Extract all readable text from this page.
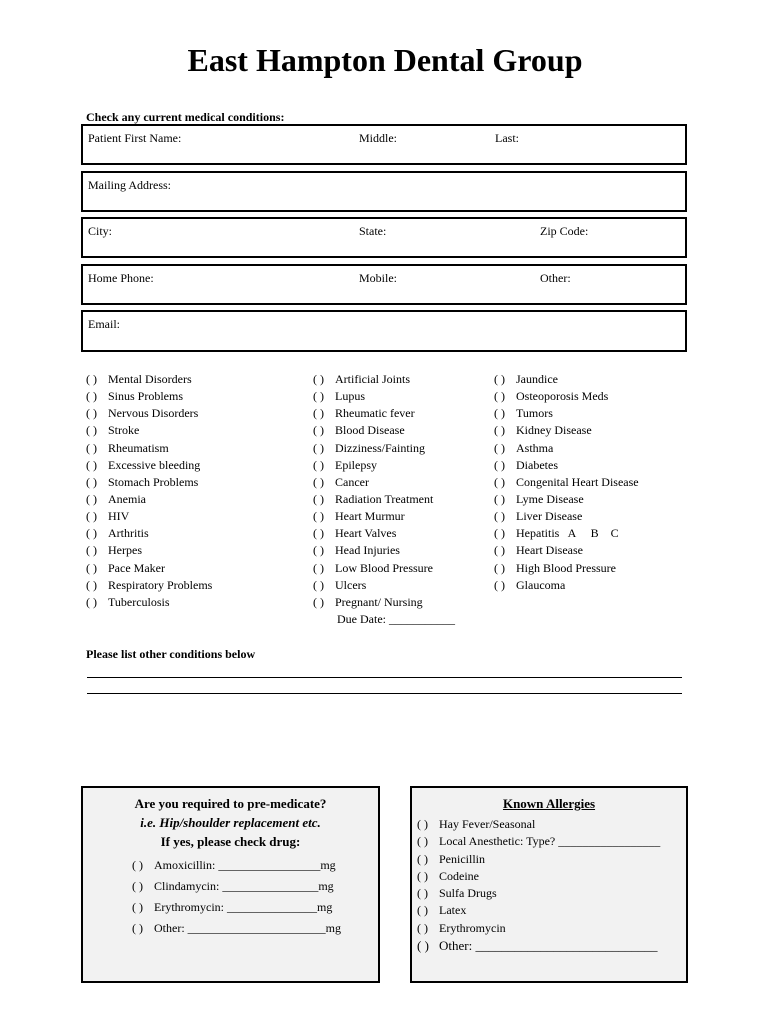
East Hampton Dental Group
Check any current medical conditions:
Patient First Name:	Middle:	Last:
Mailing Address:
City:	State:	Zip Code:
Home Phone:	Mobile:	Other:
Email:
( ) Mental Disorders
( ) Sinus Problems
( ) Nervous Disorders
( ) Stroke
( ) Rheumatism
( ) Excessive bleeding
( ) Stomach Problems
( ) Anemia
( ) HIV
( ) Arthritis
( ) Herpes
( ) Pace Maker
( ) Respiratory Problems
( ) Tuberculosis
( ) Artificial Joints
( ) Lupus
( ) Rheumatic fever
( ) Blood Disease
( ) Dizziness/Fainting
( ) Epilepsy
( ) Cancer
( ) Radiation Treatment
( ) Heart Murmur
( ) Heart Valves
( ) Head Injuries
( ) Low Blood Pressure
( ) Ulcers
( ) Pregnant/ Nursing
Due Date: ___________
( ) Jaundice
( ) Osteoporosis Meds
( ) Tumors
( ) Kidney Disease
( ) Asthma
( ) Diabetes
( ) Congenital Heart Disease
( ) Lyme Disease
( ) Liver Disease
( ) Hepatitis   A     B    C
( ) Heart Disease
( ) High Blood Pressure
( ) Glaucoma
Please list other conditions below
Are you required to pre-medicate?
i.e. Hip/shoulder replacement etc.
If yes, please check drug:
( ) Amoxicillin: _________________mg
( ) Clindamycin: ________________mg
( ) Erythromycin: _______________mg
( ) Other: _______________________mg
Known Allergies
( ) Hay Fever/Seasonal
( ) Local Anesthetic: Type? _________________
( ) Penicillin
( ) Codeine
( ) Sulfa Drugs
( ) Latex
( ) Erythromycin
( ) Other: ____________________________
